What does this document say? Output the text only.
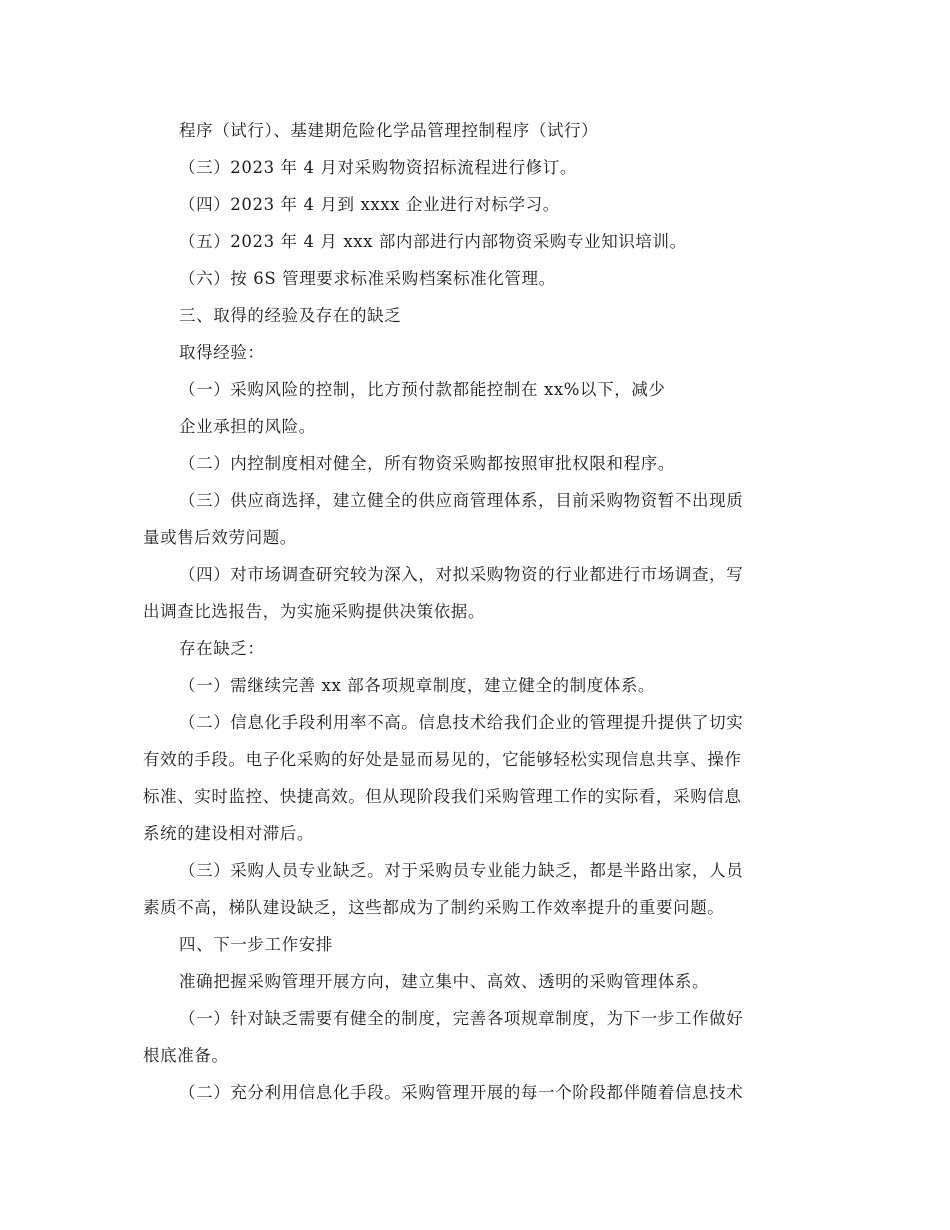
程序（试行）、基建期危险化学品管理控制程序（试行）
（三）2023 年 4 月对采购物资招标流程进行修订。
（四）2023 年 4 月到 xxxx 企业进行对标学习。
（五）2023 年 4 月 xxx 部内部进行内部物资采购专业知识培训。
（六）按 6S 管理要求标准采购档案标准化管理。
三、取得的经验及存在的缺乏
取得经验：
（一）采购风险的控制，比方预付款都能控制在 xx%以下，减少
企业承担的风险。
（二）内控制度相对健全，所有物资采购都按照审批权限和程序。
（三）供应商选择，建立健全的供应商管理体系，目前采购物资暂不出现质
量或售后效劳问题。
（四）对市场调查研究较为深入，对拟采购物资的行业都进行市场调查，写
出调查比选报告，为实施采购提供决策依据。
存在缺乏：
（一）需继续完善 xx 部各项规章制度，建立健全的制度体系。
（二）信息化手段利用率不高。信息技术给我们企业的管理提升提供了切实
有效的手段。电子化采购的好处是显而易见的，它能够轻松实现信息共享、操作
标准、实时监控、快捷高效。但从现阶段我们采购管理工作的实际看，采购信息
系统的建设相对滞后。
（三）采购人员专业缺乏。对于采购员专业能力缺乏，都是半路出家，人员
素质不高，梯队建设缺乏，这些都成为了制约采购工作效率提升的重要问题。
四、下一步工作安排
准确把握采购管理开展方向，建立集中、高效、透明的采购管理体系。
（一）针对缺乏需要有健全的制度，完善各项规章制度，为下一步工作做好
根底准备。
（二）充分利用信息化手段。采购管理开展的每一个阶段都伴随着信息技术
